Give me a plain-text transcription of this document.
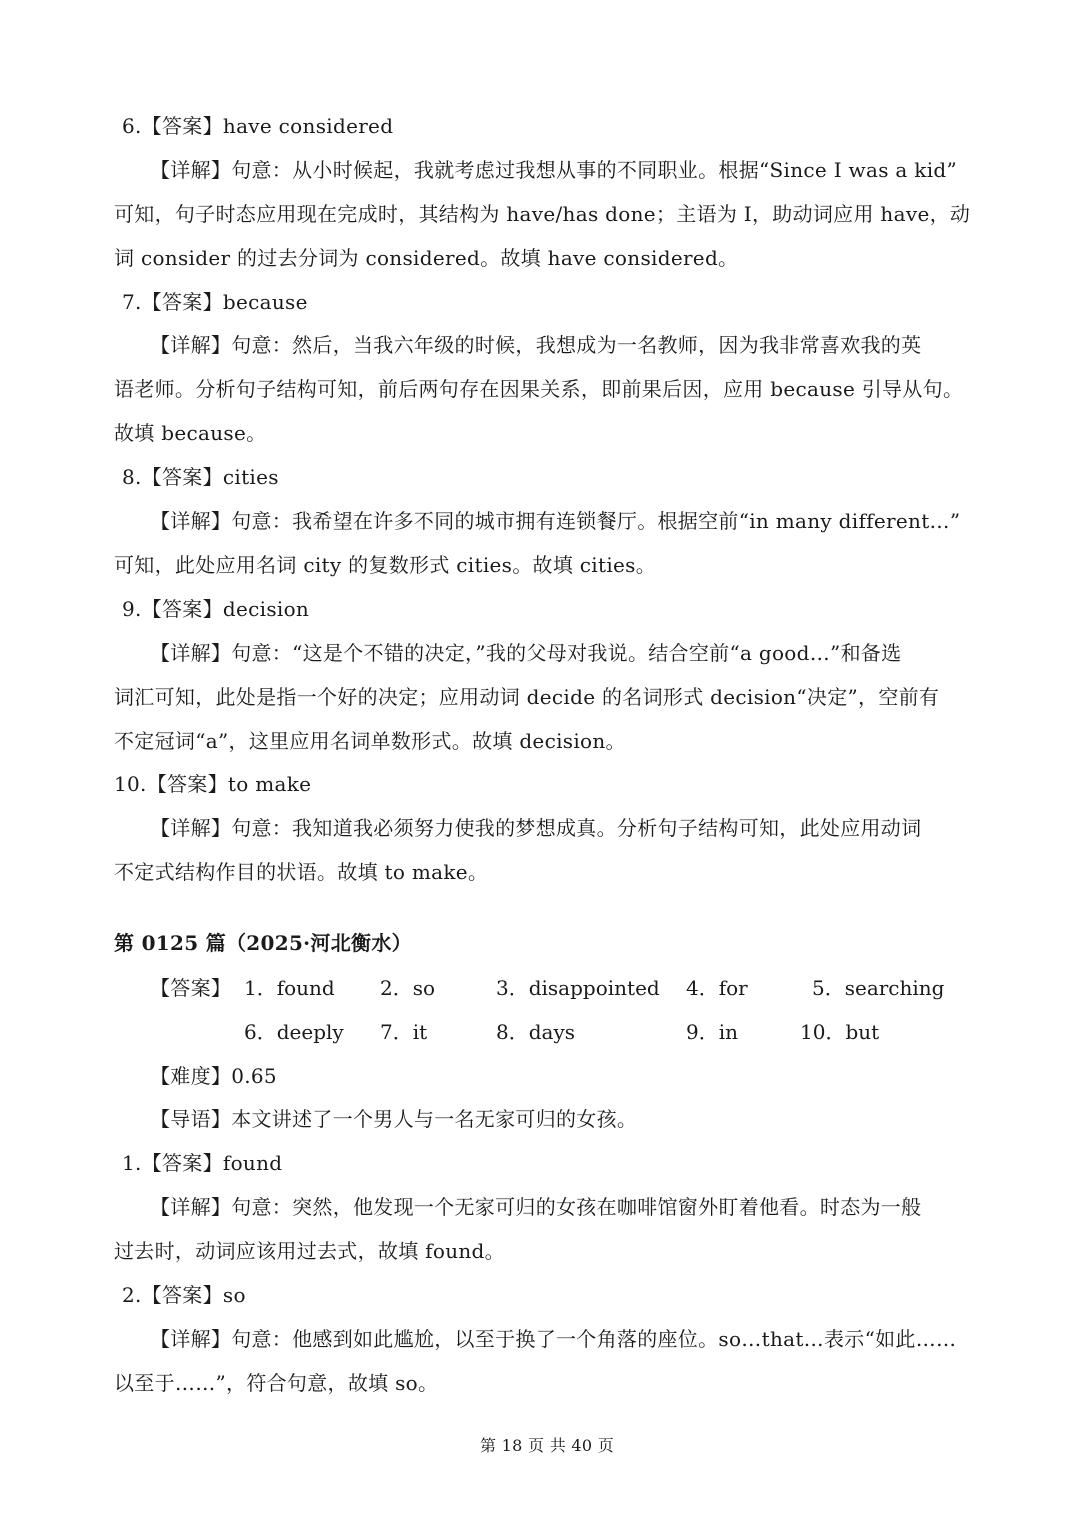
6.【答案】have considered
【详解】句意：从小时候起，我就考虑过我想从事的不同职业。根据“Since I was a kid”
可知，句子时态应用现在完成时，其结构为 have/has done；主语为 I，助动词应用 have，动
词 consider 的过去分词为 considered。故填 have considered。
7.【答案】because
【详解】句意：然后，当我六年级的时候，我想成为一名教师，因为我非常喜欢我的英
语老师。分析句子结构可知，前后两句存在因果关系，即前果后因，应用 because 引导从句。
故填 because。
8.【答案】cities
【详解】句意：我希望在许多不同的城市拥有连锁餐厅。根据空前“in many different…”
可知，此处应用名词 city 的复数形式 cities。故填 cities。
9.【答案】decision
【详解】句意：“这是个不错的决定，”我的父母对我说。结合空前“a good…”和备选
词汇可知，此处是指一个好的决定；应用动词 decide 的名词形式 decision“决定”，空前有
不定冠词“a”，这里应用名词单数形式。故填 decision。
10.【答案】to make
【详解】句意：我知道我必须努力使我的梦想成真。分析句子结构可知，此处应用动词
不定式结构作目的状语。故填 to make。
第 0125 篇（2025·河北衡水）
【答案】 1．found 2．so	3．disappointed 4．for	5．searching
6．deeply 7．it	8．days	9．in	10．but
【难度】0.65
【导语】本文讲述了一个男人与一名无家可归的女孩。
1.【答案】found
【详解】句意：突然，他发现一个无家可归的女孩在咖啡馆窗外盯着他看。时态为一般
过去时，动词应该用过去式，故填 found。
2.【答案】so
【详解】句意：他感到如此尴尬，以至于换了一个角落的座位。so…that…表示“如此……
以至于……”，符合句意，故填 so。
第 18 页 共 40 页
